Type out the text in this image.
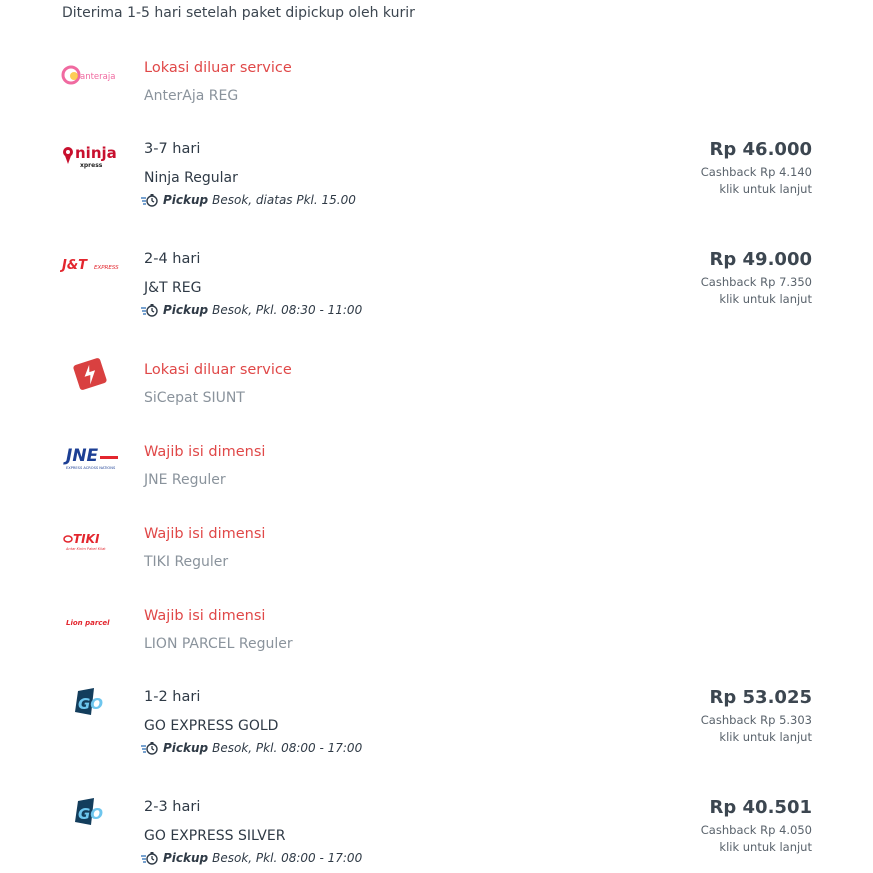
Diterima 1-5 hari setelah paket dipickup oleh kurir
anteraja
Lokasi diluar service
AnterAja REG
ninja
xpress
3-7 hari
Ninja Regular
Pickup Besok, diatas Pkl. 15.00
Rp 46.000
Cashback Rp 4.140
klik untuk lanjut
J&T EXPRESS
2-4 hari
J&T REG
Pickup Besok, Pkl. 08:30 - 11:00
Rp 49.000
Cashback Rp 7.350
klik untuk lanjut
Lokasi diluar service
SiCepat SIUNT
JNE
EXPRESS ACROSS NATIONS
Wajib isi dimensi
JNE Reguler
TIKI
Antar Kirim Paket Kilat
Wajib isi dimensi
TIKI Reguler
Lion parcel Wajib isi dimensi
LION PARCEL Reguler
GO	1-2 hari
GO EXPRESS GOLD
Pickup Besok, Pkl. 08:00 - 17:00
Rp 53.025
Cashback Rp 5.303
klik untuk lanjut
GO	2-3 hari
GO EXPRESS SILVER
Pickup Besok, Pkl. 08:00 - 17:00
Rp 40.501
Cashback Rp 4.050
klik untuk lanjut
